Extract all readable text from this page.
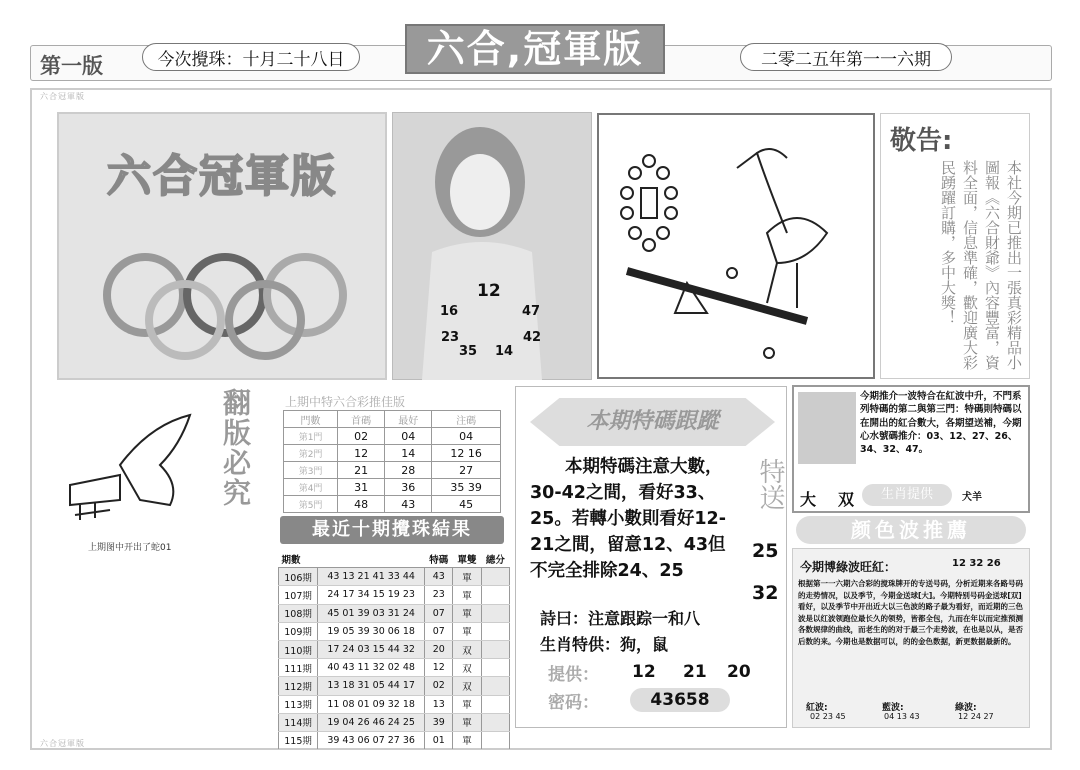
六合冠軍版
六合冠軍版
第一版	今次攪珠：十月二十八日	六合,冠軍版	二零二五年第一一六期
六合冠軍版
12
16	47
23	42
35 14
敬告:
本社今期已推出一張真彩精品小圖報《六合財爺》內容豐富，資料全面，信息準確，歡迎廣大彩民踴躍訂購，多中大獎！
翻版必究
上期图中开出了蛇01
上期中特六合彩推佳版
門數	首碼	最好	注碼
第1門	02	04	04
第2門	12	14	12 16
第3門	21	28	27
第4門	31	36	35 39
第5門	48	43	45
最近十期攪珠結果
期數		特碼	單雙	總分
106期	43 13 21 41 33 44	43	單	
107期	24 17 34 15 19 23	23	單	
108期	45 01 39 03 31 24	07	單	
109期	19 05 39 30 06 18	07	單	
110期	17 24 03 15 44 32	20	双	
111期	40 43 11 32 02 48	12	双	
112期	13 18 31 05 44 17	02	双	
113期	11 08 01 09 32 18	13	單	
114期	19 04 26 46 24 25	39	單	
115期	39 43 06 07 27 36	01	單	
本期特碼跟蹤
本期特碼注意大數，30-42之間，看好33、25。若轉小數則看好12-21之間，留意12、43但不完全排除24、25
特送
25
32
詩曰：注意跟踪一和八
生肖特供：狗，鼠
提供： 12 21 20
密码：	43658
今期推介一波特合在紅波中升，不門系列特碼的第二與第三門：特碼則特碼以在開出的紅合數大，各期望送補，今期心水號碼推介：03、12、27、26、34、32、47。
大 双	生肖提供	犬羊
颜色波推薦
今期博綠波旺紅：	12 32 26
根据第一一六期六合彩的搅珠牌开的专送号码，分析近期来各路号码的走势情况，以及季节，今期金送球[大]。今期特别号码金送球[双]看好，以及季节中开出近大以三色波的路子最为看好，而近期的三色波是以红波领跑位最长久的领势，皆都全包，九而在年以而定推预测各数规律的曲线，而老生的的对于最三个走势波，在也是以从，是否后数的来。今期也是数据可以，的的金色数据，新更数据最新的。
紅波:
02 23 45
藍波:
04 13 43
綠波:
12 24 27
